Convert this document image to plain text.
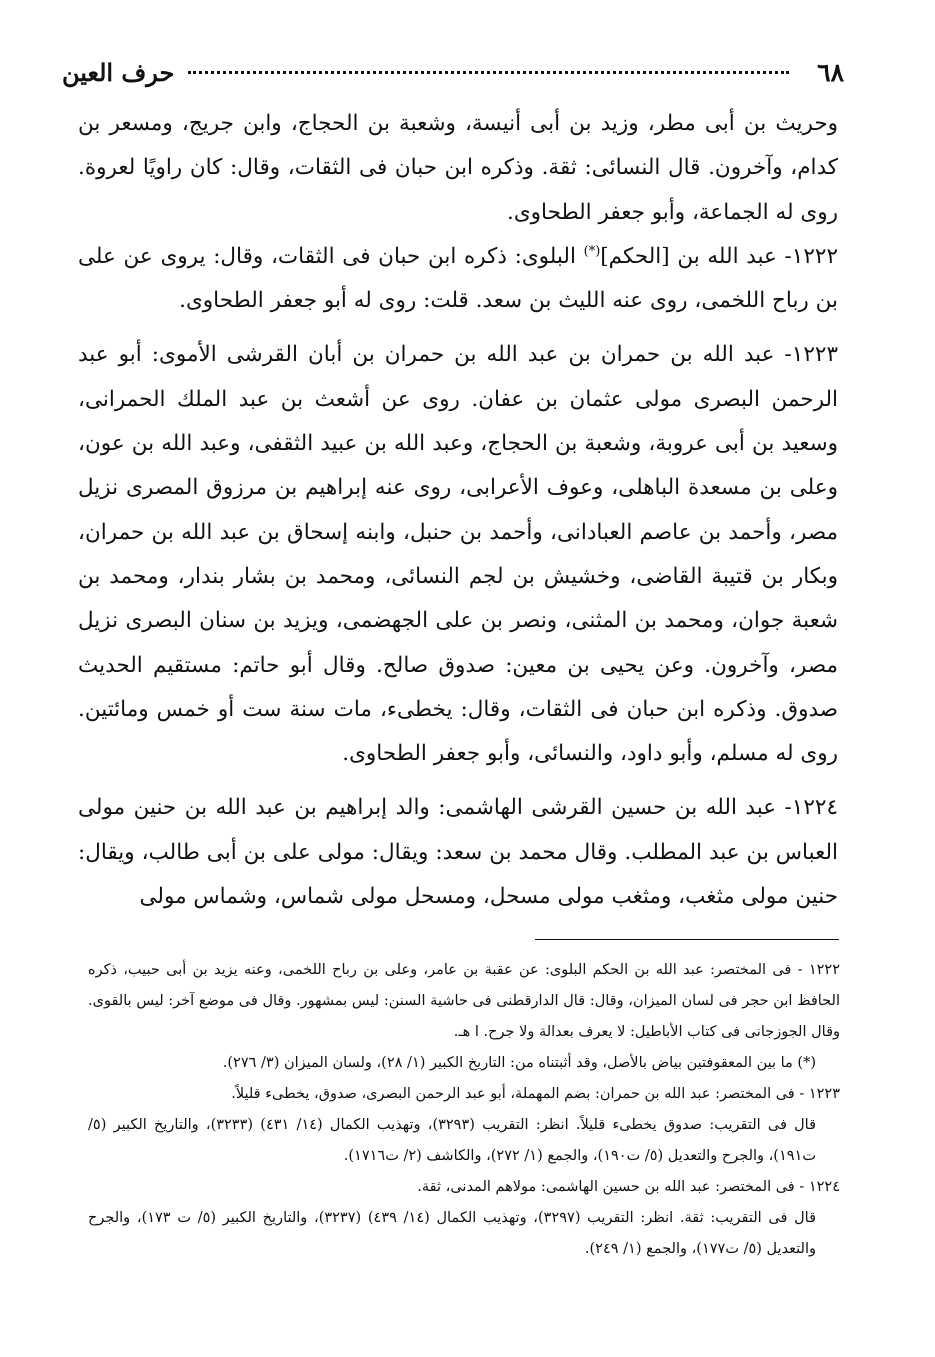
٦٨
حرف العين

وحريث بن أبى مطر، وزيد بن أبى أنيسة، وشعبة بن الحجاج، وابن جريج، ومسعر بن كدام، وآخرون. قال النسائى: ثقة. وذكره ابن حبان فى الثقات، وقال: كان راويًا لعروة. روى له الجماعة، وأبو جعفر الطحاوى.

١٢٢٢- عبد الله بن [الحكم](*) البلوى: ذكره ابن حبان فى الثقات، وقال: يروى عن على بن رباح اللخمى، روى عنه الليث بن سعد. قلت: روى له أبو جعفر الطحاوى.

١٢٢٣- عبد الله بن حمران بن عبد الله بن حمران بن أبان القرشى الأموى: أبو عبد الرحمن البصرى مولى عثمان بن عفان. روى عن أشعث بن عبد الملك الحمرانى، وسعيد بن أبى عروبة، وشعبة بن الحجاج، وعبد الله بن عبيد الثقفى، وعبد الله بن عون، وعلى بن مسعدة الباهلى، وعوف الأعرابى، روى عنه إبراهيم بن مرزوق المصرى نزيل مصر، وأحمد بن عاصم العبادانى، وأحمد بن حنبل، وابنه إسحاق بن عبد الله بن حمران، وبكار بن قتيبة القاضى، وخشيش بن لجم النسائى، ومحمد بن بشار بندار، ومحمد بن شعبة جوان، ومحمد بن المثنى، ونصر بن على الجهضمى، ويزيد بن سنان البصرى نزيل مصر، وآخرون. وعن يحيى بن معين: صدوق صالح. وقال أبو حاتم: مستقيم الحديث صدوق. وذكره ابن حبان فى الثقات، وقال: يخطىء، مات سنة ست أو خمس ومائتين. روى له مسلم، وأبو داود، والنسائى، وأبو جعفر الطحاوى.

١٢٢٤- عبد الله بن حسين القرشى الهاشمى: والد إبراهيم بن عبد الله بن حنين مولى العباس بن عبد المطلب. وقال محمد بن سعد: ويقال: مولى على بن أبى طالب، ويقال: حنين مولى مثغب، ومثغب مولى مسحل، ومسحل مولى شماس، وشماس مولى

١٢٢٢ - فى المختصر: عبد الله بن الحكم البلوى: عن عقبة بن عامر، وعلى بن رباح اللخمى، وعنه يزيد بن أبى حبيب، ذكره الحافظ ابن حجر فى لسان الميزان، وقال: قال الدارقطنى فى حاشية السنن: ليس بمشهور. وقال فى موضع آخر: ليس بالقوى. وقال الجوزجانى فى كتاب الأباطيل: لا يعرف بعدالة ولا جرح. ا هـ.

(*) ما بين المعقوفتين بياض بالأصل، وقد أثبتناه من: التاريخ الكبير (١/ ٢٨)، ولسان الميزان (٣/ ٢٧٦).

١٢٢٣ - فى المختصر: عبد الله بن حمران: بضم المهملة، أبو عبد الرحمن البصرى، صدوق، يخطىء قليلاً.

قال فى التقريب: صدوق يخطىء قليلاً. انظر: التقريب (٣٢٩٣)، وتهذيب الكمال (١٤/ ٤٣١) (٣٢٣٣)، والتاريخ الكبير (٥/ ت١٩١)، والجرح والتعديل (٥/ ت١٩٠)، والجمع (١/ ٢٧٢)، والكاشف (٢/ ت١٧١٦).

١٢٢٤ - فى المختصر: عبد الله بن حسين الهاشمى: مولاهم المدنى، ثقة.

قال فى التقريب: ثقة. انظر: التقريب (٣٢٩٧)، وتهذيب الكمال (١٤/ ٤٣٩) (٣٢٣٧)، والتاريخ الكبير (٥/ ت ١٧٣)، والجرح والتعديل (٥/ ت١٧٧)، والجمع (١/ ٢٤٩).
